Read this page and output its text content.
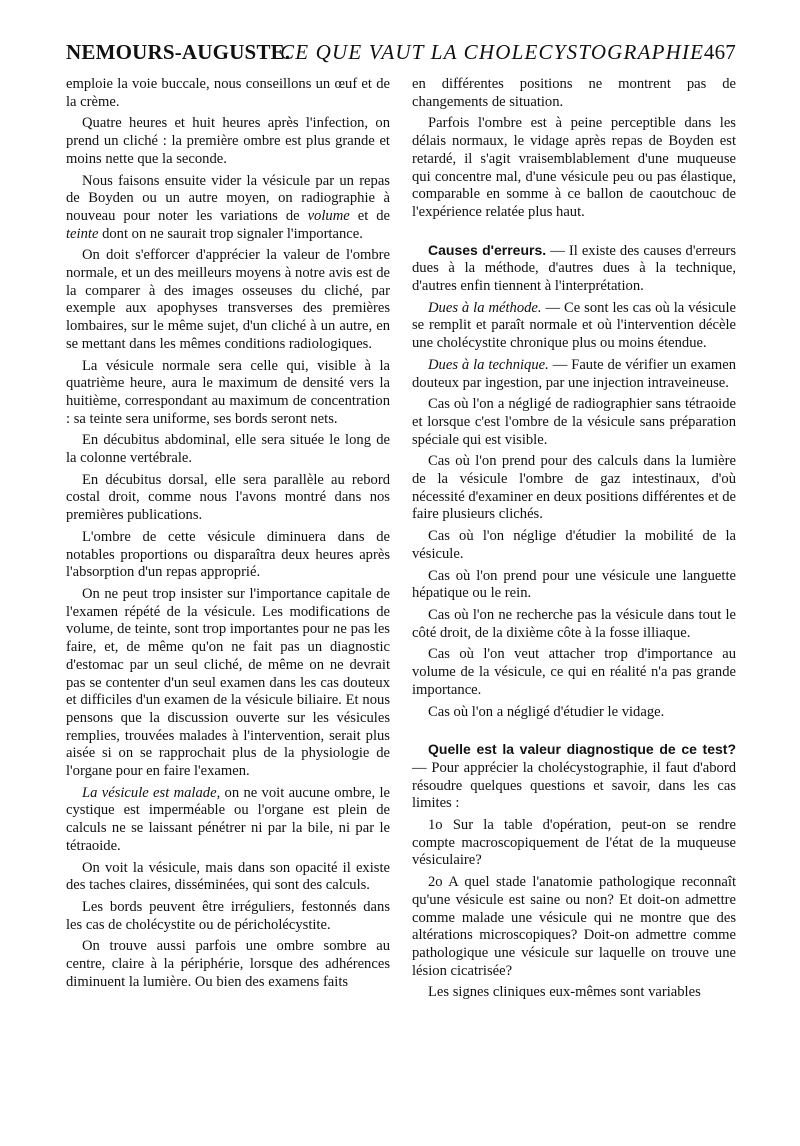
NEMOURS-AUGUSTE.
CE QUE VAUT LA CHOLECYSTOGRAPHIE 467

emploie la voie buccale, nous conseillons un œuf et de la crème.

Quatre heures et huit heures après l'infection, on prend un cliché : la première ombre est plus grande et moins nette que la seconde.

Nous faisons ensuite vider la vésicule par un repas de Boyden ou un autre moyen, on radiographie à nouveau pour noter les variations de volume et de teinte dont on ne saurait trop signaler l'importance.

On doit s'efforcer d'apprécier la valeur de l'ombre normale, et un des meilleurs moyens à notre avis est de la comparer à des images osseuses du cliché, par exemple aux apophyses transverses des premières lombaires, sur le même sujet, d'un cliché à un autre, en se mettant dans les mêmes conditions radiologiques.

La vésicule normale sera celle qui, visible à la quatrième heure, aura le maximum de densité vers la huitième, correspondant au maximum de concentration : sa teinte sera uniforme, ses bords seront nets.

En décubitus abdominal, elle sera située le long de la colonne vertébrale.

En décubitus dorsal, elle sera parallèle au rebord costal droit, comme nous l'avons montré dans nos premières publications.

L'ombre de cette vésicule diminuera dans de notables proportions ou disparaîtra deux heures après l'absorption d'un repas approprié.

On ne peut trop insister sur l'importance capitale de l'examen répété de la vésicule. Les modifications de volume, de teinte, sont trop importantes pour ne pas les faire, et, de même qu'on ne fait pas un diagnostic d'estomac par un seul cliché, de même on ne devrait pas se contenter d'un seul examen dans les cas douteux et difficiles d'un examen de la vésicule biliaire. Et nous pensons que la discussion ouverte sur les vésicules remplies, trouvées malades à l'intervention, serait plus aisée si on se rapprochait plus de la physiologie de l'organe pour en faire l'examen.

La vésicule est malade, on ne voit aucune ombre, le cystique est imperméable ou l'organe est plein de calculs ne se laissant pénétrer ni par la bile, ni par le tétraoide.

On voit la vésicule, mais dans son opacité il existe des taches claires, disséminées, qui sont des calculs.

Les bords peuvent être irréguliers, festonnés dans les cas de cholécystite ou de péricholécystite.

On trouve aussi parfois une ombre sombre au centre, claire à la périphérie, lorsque des adhérences diminuent la lumière. Ou bien des examens faits

en différentes positions ne montrent pas de changements de situation.

Parfois l'ombre est à peine perceptible dans les délais normaux, le vidage après repas de Boyden est retardé, il s'agit vraisemblablement d'une muqueuse qui concentre mal, d'une vésicule peu ou pas élastique, comparable en somme à ce ballon de caoutchouc de l'expérience relatée plus haut.

Causes d'erreurs. — Il existe des causes d'erreurs dues à la méthode, d'autres dues à la technique, d'autres enfin tiennent à l'interprétation.

Dues à la méthode. — Ce sont les cas où la vésicule se remplit et paraît normale et où l'intervention décèle une cholécystite chronique plus ou moins étendue.

Dues à la technique. — Faute de vérifier un examen douteux par ingestion, par une injection intraveineuse.

Cas où l'on a négligé de radiographier sans tétraoide et lorsque c'est l'ombre de la vésicule sans préparation spéciale qui est visible.

Cas où l'on prend pour des calculs dans la lumière de la vésicule l'ombre de gaz intestinaux, d'où nécessité d'examiner en deux positions différentes et de faire plusieurs clichés.

Cas où l'on néglige d'étudier la mobilité de la vésicule.

Cas où l'on prend pour une vésicule une languette hépatique ou le rein.

Cas où l'on ne recherche pas la vésicule dans tout le côté droit, de la dixième côte à la fosse illiaque.

Cas où l'on veut attacher trop d'importance au volume de la vésicule, ce qui en réalité n'a pas grande importance.

Cas où l'on a négligé d'étudier le vidage.

Quelle est la valeur diagnostique de ce test? — Pour apprécier la cholécystographie, il faut d'abord résoudre quelques questions et savoir, dans les cas limites :

1o Sur la table d'opération, peut-on se rendre compte macroscopiquement de l'état de la muqueuse vésiculaire?

2o A quel stade l'anatomie pathologique reconnaît qu'une vésicule est saine ou non? Et doit-on admettre comme malade une vésicule qui ne montre que des altérations microscopiques? Doit-on admettre comme pathologique une vésicule sur laquelle on trouve une lésion cicatrisée?

Les signes cliniques eux-mêmes sont variables
